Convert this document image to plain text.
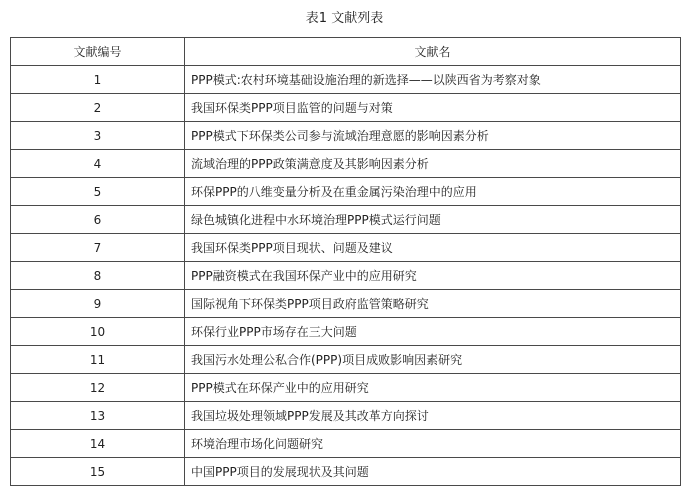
表1 文献列表
文献编号	文献名
1	PPP模式:农村环境基础设施治理的新选择——以陕西省为考察对象
2	我国环保类PPP项目监管的问题与对策
3	PPP模式下环保类公司参与流域治理意愿的影响因素分析
4	流域治理的PPP政策满意度及其影响因素分析
5	环保PPP的八维变量分析及在重金属污染治理中的应用
6	绿色城镇化进程中水环境治理PPP模式运行问题
7	我国环保类PPP项目现状、问题及建议
8	PPP融资模式在我国环保产业中的应用研究
9	国际视角下环保类PPP项目政府监管策略研究
10	环保行业PPP市场存在三大问题
11	我国污水处理公私合作(PPP)项目成败影响因素研究
12	PPP模式在环保产业中的应用研究
13	我国垃圾处理领域PPP发展及其改革方向探讨
14	环境治理市场化问题研究
15	中国PPP项目的发展现状及其问题
